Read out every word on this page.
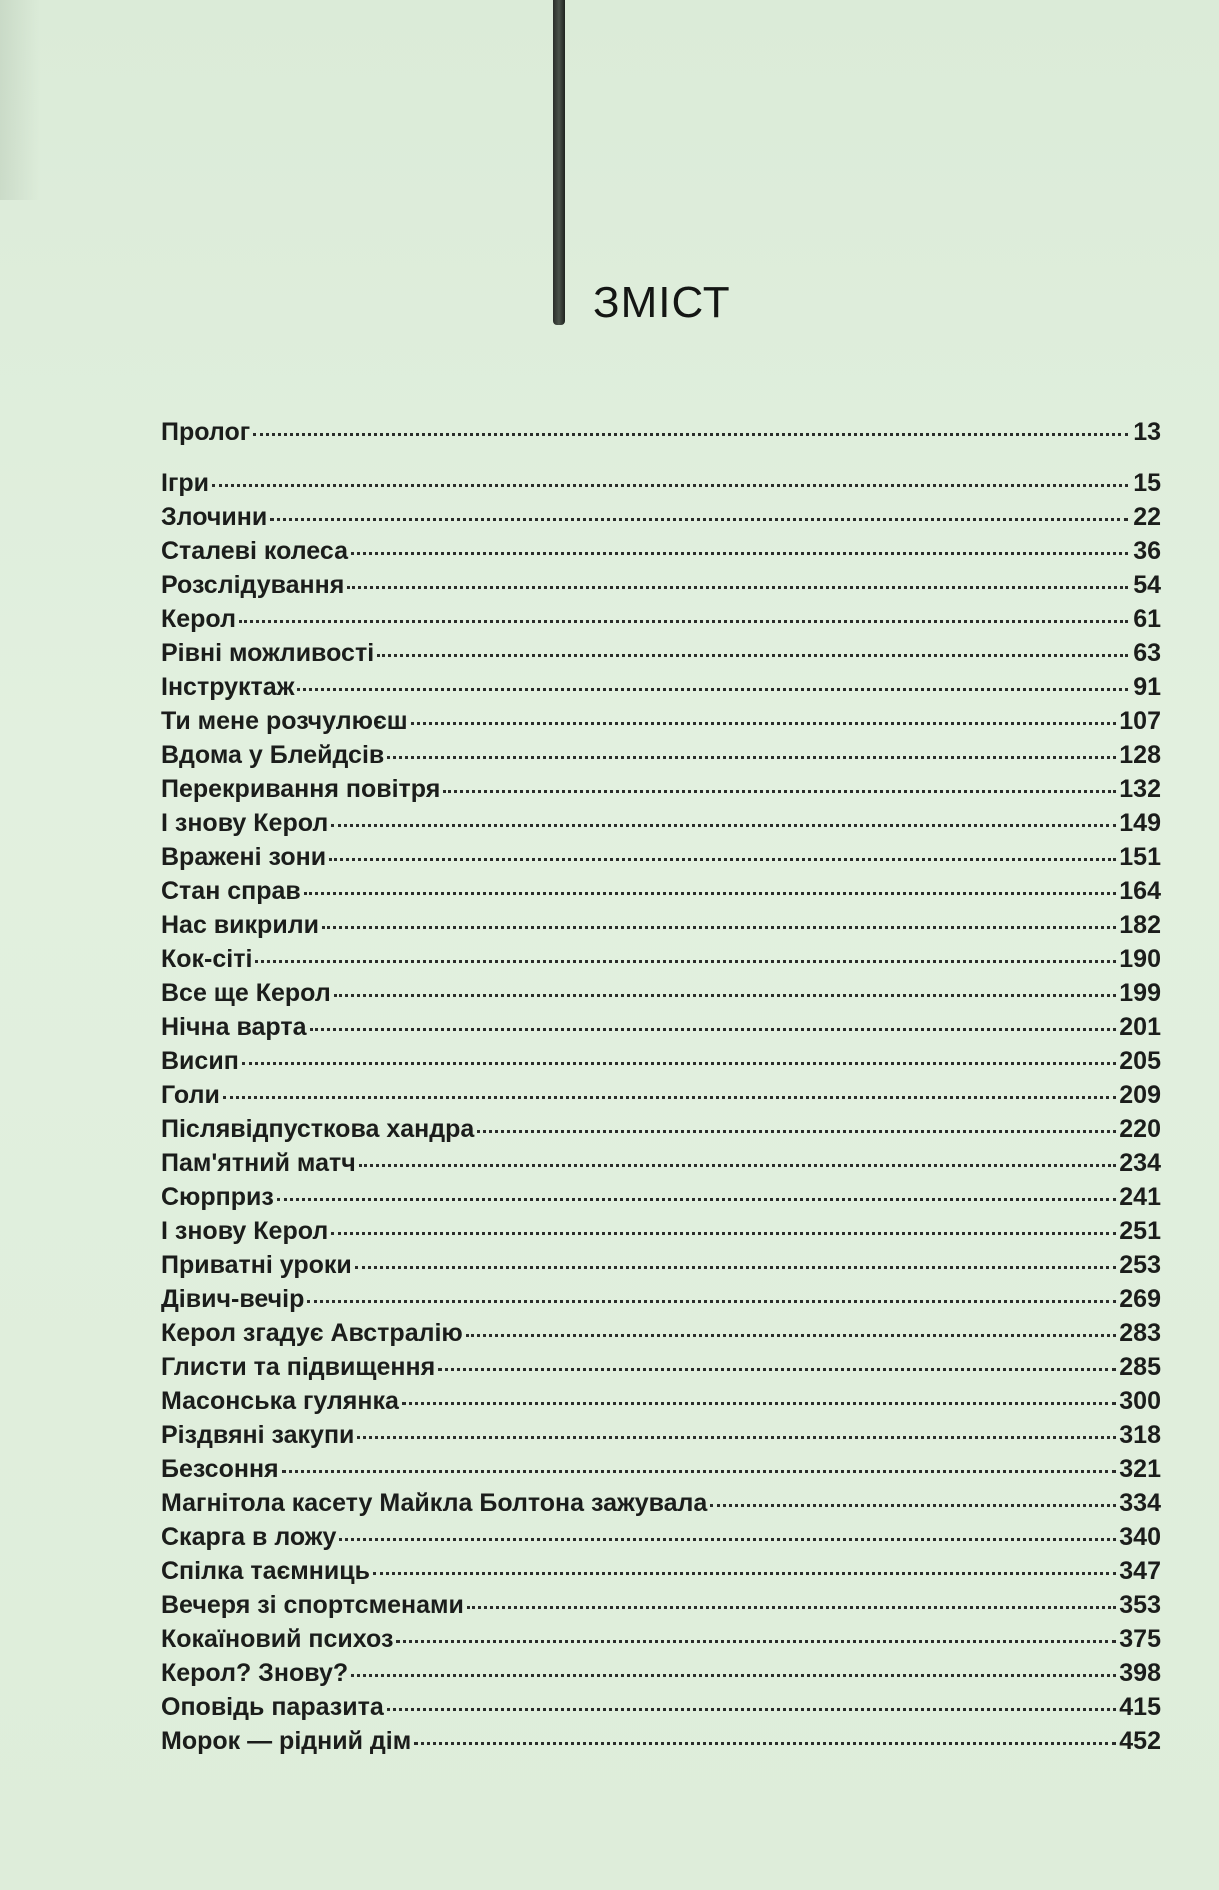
ЗМІСТ
Пролог	13
Ігри	15
Злочини	22
Сталеві колеса	36
Розслідування	54
Керол	61
Рівні можливості	63
Інструктаж	91
Ти мене розчулюєш	107
Вдома у Блейдсів	128
Перекривання повітря	132
І знову Керол	149
Вражені зони	151
Стан справ	164
Нас викрили	182
Кок-сіті	190
Все ще Керол	199
Нічна варта	201
Висип	205
Голи	209
Післявідпусткова хандра	220
Пам'ятний матч	234
Сюрприз	241
І знову Керол	251
Приватні уроки	253
Дівич-вечір	269
Керол згадує Австралію	283
Глисти та підвищення	285
Масонська гулянка	300
Різдвяні закупи	318
Безсоння	321
Магнітола касету Майкла Болтона зажувала	334
Скарга в ложу	340
Спілка таємниць	347
Вечеря зі спортсменами	353
Кокаїновий психоз	375
Керол? Знову?	398
Оповідь паразита	415
Морок — рідний дім	452
